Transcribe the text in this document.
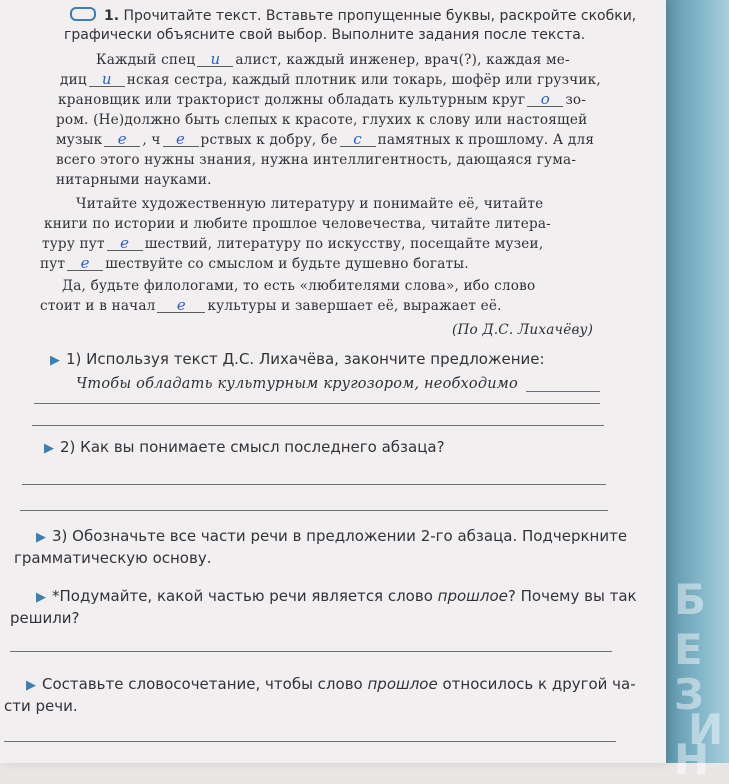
Б
Е
З
И
Н
1. Прочитайте текст. Вставьте пропущенные буквы, раскройте скобки,
графически объясните свой выбор. Выполните задания после текста.
Каждый спец и алист, каждый инженер, врач(?), каждая ме-
диц и нская сестра, каждый плотник или токарь, шофёр или грузчик,
крановщик или тракторист должны обладать культурным круг о зо-
ром. (Не)должно быть слепых к красоте, глухих к слову или настоящей
музык е , ч е рствых к добру, бе с памятных к прошлому. А для
всего этого нужны знания, нужна интеллигентность, дающаяся гума-
нитарными науками.
Читайте художественную литературу и понимайте её, читайте
книги по истории и любите прошлое человечества, читайте литера-
туру пут е шествий, литературу по искусству, посещайте музеи,
пут е шествуйте со смыслом и будьте душевно богаты.
Да, будьте филологами, то есть «любителями слова», ибо слово
стоит и в начал е культуры и завершает её, выражает её.
(По Д.С. Лихачёву)
▶ 1) Используя текст Д.С. Лихачёва, закончите предложение:
Чтобы обладать культурным кругозором, необходимо
▶ 2) Как вы понимаете смысл последнего абзаца?
▶ 3) Обозначьте все части речи в предложении 2-го абзаца. Подчеркните
грамматическую основу.
▶ *Подумайте, какой частью речи является слово прошлое? Почему вы так
решили?
▶ Составьте словосочетание, чтобы слово прошлое относилось к другой ча-
сти речи.
